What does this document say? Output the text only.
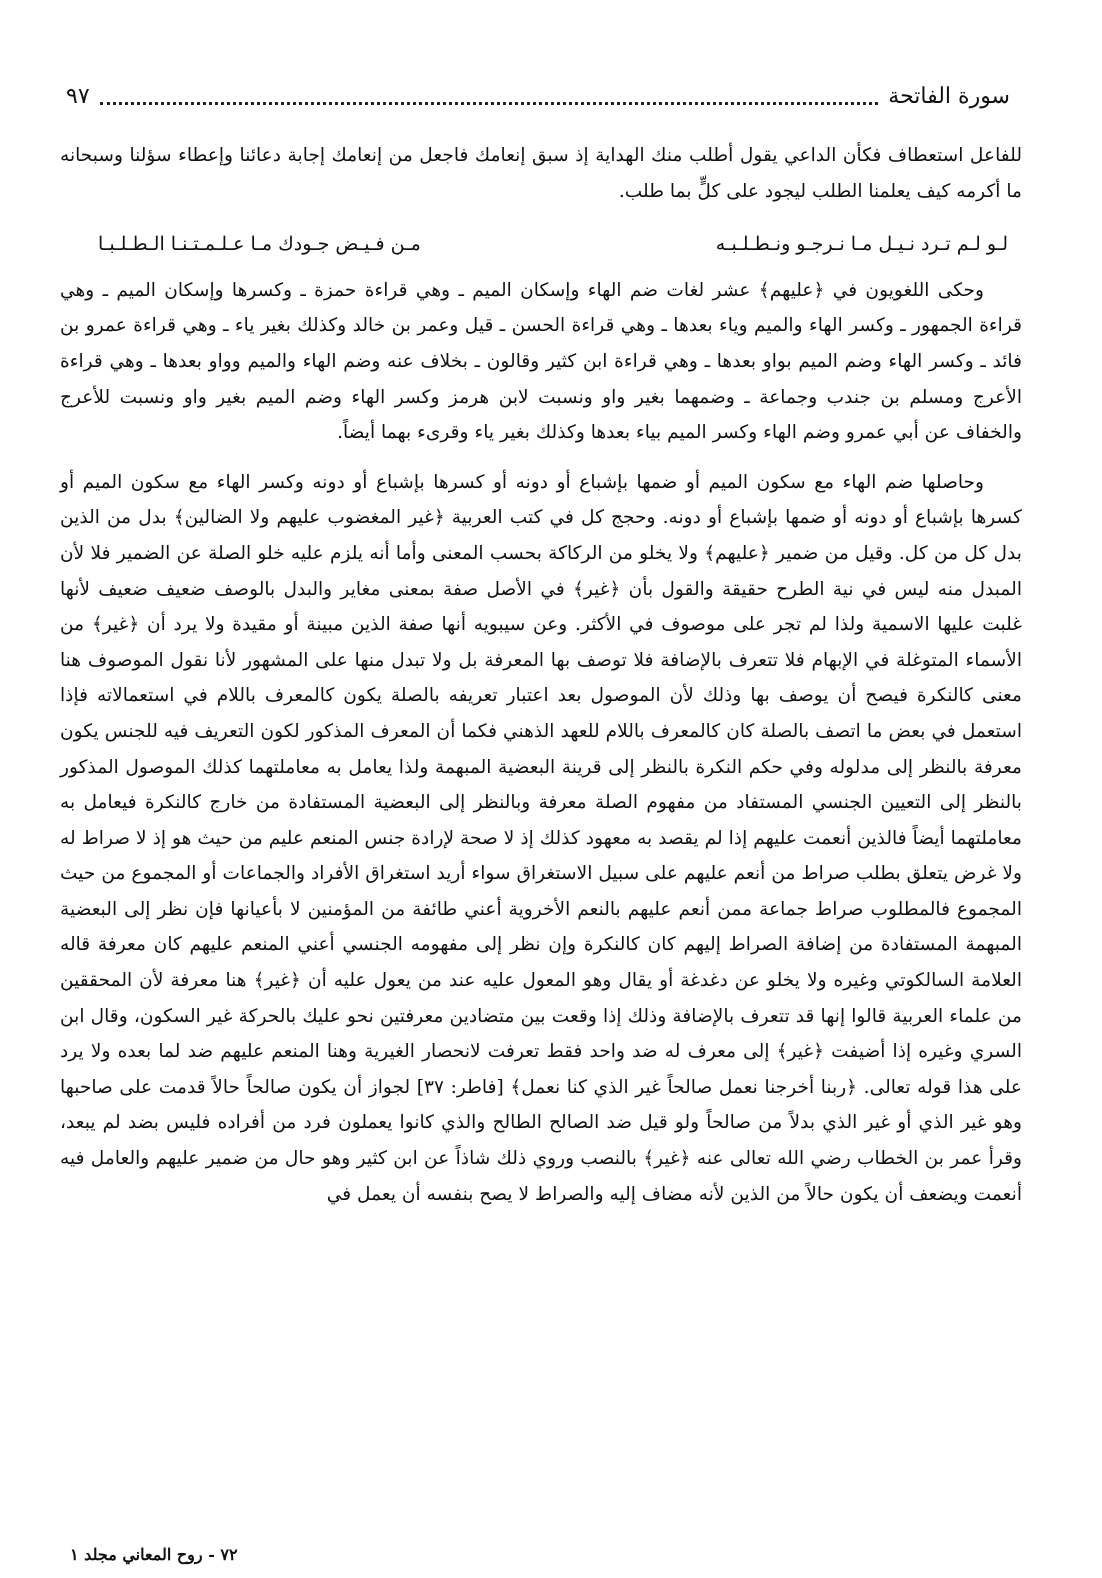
سورة الفاتحة
٩٧

للفاعل استعطاف فكأن الداعي يقول أطلب منك الهداية إذ سبق إنعامك فاجعل من إنعامك إجابة دعائنا وإعطاء سؤلنا وسبحانه ما أكرمه كيف يعلمنا الطلب ليجود على كلٍّ بما طلب.

لـو لـم تـرد نـيـل مـا نـرجـو ونـطـلـبـه
مـن فـيـض جـودك مـا عـلـمـتـنـا الـطـلـبـا

وحكى اللغويون في ﴿عليهم﴾ عشر لغات ضم الهاء وإسكان الميم ـ وهي قراءة حمزة ـ وكسرها وإسكان الميم ـ وهي قراءة الجمهور ـ وكسر الهاء والميم وياء بعدها ـ وهي قراءة الحسن ـ قيل وعمر بن خالد وكذلك بغير ياء ـ وهي قراءة عمرو بن فائد ـ وكسر الهاء وضم الميم بواو بعدها ـ وهي قراءة ابن كثير وقالون ـ بخلاف عنه وضم الهاء والميم وواو بعدها ـ وهي قراءة الأعرج ومسلم بن جندب وجماعة ـ وضمهما بغير واو ونسبت لابن هرمز وكسر الهاء وضم الميم بغير واو ونسبت للأعرج والخفاف عن أبي عمرو وضم الهاء وكسر الميم بياء بعدها وكذلك بغير ياء وقرىء بهما أيضاً.

وحاصلها ضم الهاء مع سكون الميم أو ضمها بإشباع أو دونه أو كسرها بإشباع أو دونه وكسر الهاء مع سكون الميم أو كسرها بإشباع أو دونه أو ضمها بإشباع أو دونه. وحجج كل في كتب العربية ﴿غير المغضوب عليهم ولا الضالين﴾ بدل من الذين بدل كل من كل. وقيل من ضمير ﴿عليهم﴾ ولا يخلو من الركاكة بحسب المعنى وأما أنه يلزم عليه خلو الصلة عن الضمير فلا لأن المبدل منه ليس في نية الطرح حقيقة والقول بأن ﴿غير﴾ في الأصل صفة بمعنى مغاير والبدل بالوصف ضعيف ضعيف لأنها غلبت عليها الاسمية ولذا لم تجر على موصوف في الأكثر. وعن سيبويه أنها صفة الذين مبينة أو مقيدة ولا يرد أن ﴿غير﴾ من الأسماء المتوغلة في الإبهام فلا تتعرف بالإضافة فلا توصف بها المعرفة بل ولا تبدل منها على المشهور لأنا نقول الموصوف هنا معنى كالنكرة فيصح أن يوصف بها وذلك لأن الموصول بعد اعتبار تعريفه بالصلة يكون كالمعرف باللام في استعمالاته فإذا استعمل في بعض ما اتصف بالصلة كان كالمعرف باللام للعهد الذهني فكما أن المعرف المذكور لكون التعريف فيه للجنس يكون معرفة بالنظر إلى مدلوله وفي حكم النكرة بالنظر إلى قرينة البعضية المبهمة ولذا يعامل به معاملتهما كذلك الموصول المذكور بالنظر إلى التعيين الجنسي المستفاد من مفهوم الصلة معرفة وبالنظر إلى البعضية المستفادة من خارج كالنكرة فيعامل به معاملتهما أيضاً فالذين أنعمت عليهم إذا لم يقصد به معهود كذلك إذ لا صحة لإرادة جنس المنعم عليم من حيث هو إذ لا صراط له ولا غرض يتعلق بطلب صراط من أنعم عليهم على سبيل الاستغراق سواء أريد استغراق الأفراد والجماعات أو المجموع من حيث المجموع فالمطلوب صراط جماعة ممن أنعم عليهم بالنعم الأخروية أعني طائفة من المؤمنين لا بأعيانها فإن نظر إلى البعضية المبهمة المستفادة من إضافة الصراط إليهم كان كالنكرة وإن نظر إلى مفهومه الجنسي أعني المنعم عليهم كان معرفة قاله العلامة السالكوتي وغيره ولا يخلو عن دغدغة أو يقال وهو المعول عليه عند من يعول عليه أن ﴿غير﴾ هنا معرفة لأن المحققين من علماء العربية قالوا إنها قد تتعرف بالإضافة وذلك إذا وقعت بين متضادين معرفتين نحو عليك بالحركة غير السكون، وقال ابن السري وغيره إذا أضيفت ﴿غير﴾ إلى معرف له ضد واحد فقط تعرفت لانحصار الغيرية وهنا المنعم عليهم ضد لما بعده ولا يرد على هذا قوله تعالى. ﴿ربنا أخرجنا نعمل صالحاً غير الذي كنا نعمل﴾ [فاطر: ٣٧] لجواز أن يكون صالحاً حالاً قدمت على صاحبها وهو غير الذي أو غير الذي بدلاً من صالحاً ولو قيل ضد الصالح الطالح والذي كانوا يعملون فرد من أفراده فليس بضد لم يبعد، وقرأ عمر بن الخطاب رضي الله تعالى عنه ﴿غير﴾ بالنصب وروي ذلك شاذاً عن ابن كثير وهو حال من ضمير عليهم والعامل فيه أنعمت ويضعف أن يكون حالاً من الذين لأنه مضاف إليه والصراط لا يصح بنفسه أن يعمل في

٧٢ - روح المعاني مجلد ١
